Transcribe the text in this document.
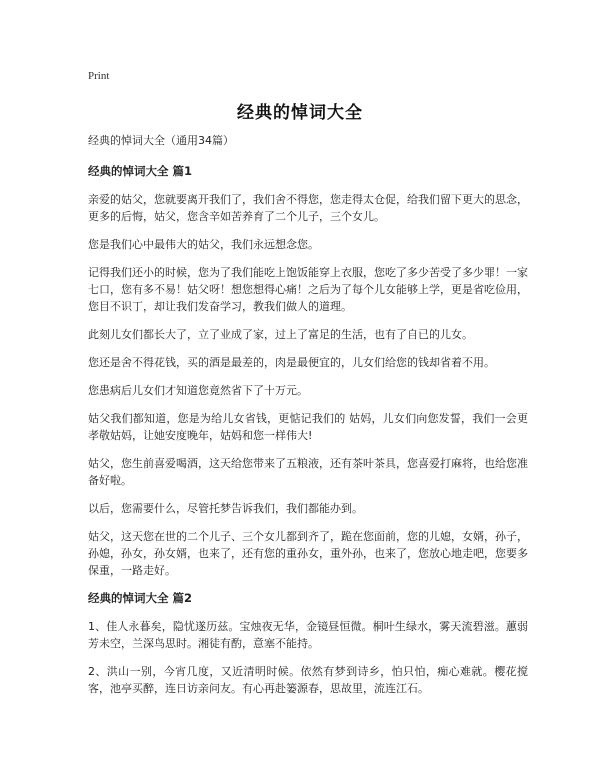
Print
经典的悼词大全

经典的悼词大全（通用34篇）

经典的悼词大全 篇1

亲爱的姑父，您就要离开我们了，我们舍不得您，您走得太仓促，给我们留下更大的思念，更多的后悔，姑父，您含辛如苦养育了二个儿子，三个女儿。

您是我们心中最伟大的姑父，我们永远想念您。

记得我们还小的时候，您为了我们能吃上饱饭能穿上衣服，您吃了多少苦受了多少罪！一家七口，您有多不易！姑父呀！想您想得心痛！之后为了每个儿女能够上学，更是省吃俭用，您目不识丁，却让我们发奋学习，教我们做人的道理。

此刻儿女们都长大了，立了业成了家，过上了富足的生活，也有了自已的儿女。

您还是舍不得花钱，买的酒是最差的，肉是最便宜的，儿女们给您的钱却省着不用。

您患病后儿女们才知道您竟然省下了十万元。

姑父我们都知道，您是为给儿女省钱，更惦记我们的 姑妈，儿女们向您发誓，我们一会更孝敬姑妈，让她安度晚年，姑妈和您一样伟大!

姑父，您生前喜爱喝酒，这天给您带来了五粮液，还有茶叶茶具，您喜爱打麻将，也给您准备好啦。

以后，您需要什么，尽管托梦告诉我们，我们都能办到。

姑父，这天您在世的二个儿子、三个女儿都到齐了，跪在您面前，您的儿媳，女婿，孙子，孙媳，孙女，孙女婿，也来了，还有您的重孙女，重外孙，也来了，您放心地走吧，您要多保重，一路走好。

经典的悼词大全 篇2

1、佳人永暮矣，隐忧遂历兹。宝烛夜无华，金镜昼恒微。桐叶生绿水，雾天流碧滋。蕙弱芳未空，兰深鸟思时。湘徒有酌，意塞不能持。

2、洪山一别，今宵几度，又近清明时候。依然有梦到诗乡，怕只怕，痴心难就。樱花搅客，池亭买醉，连日访亲问友。有心再赴篓源春，思故里，流连江石。
